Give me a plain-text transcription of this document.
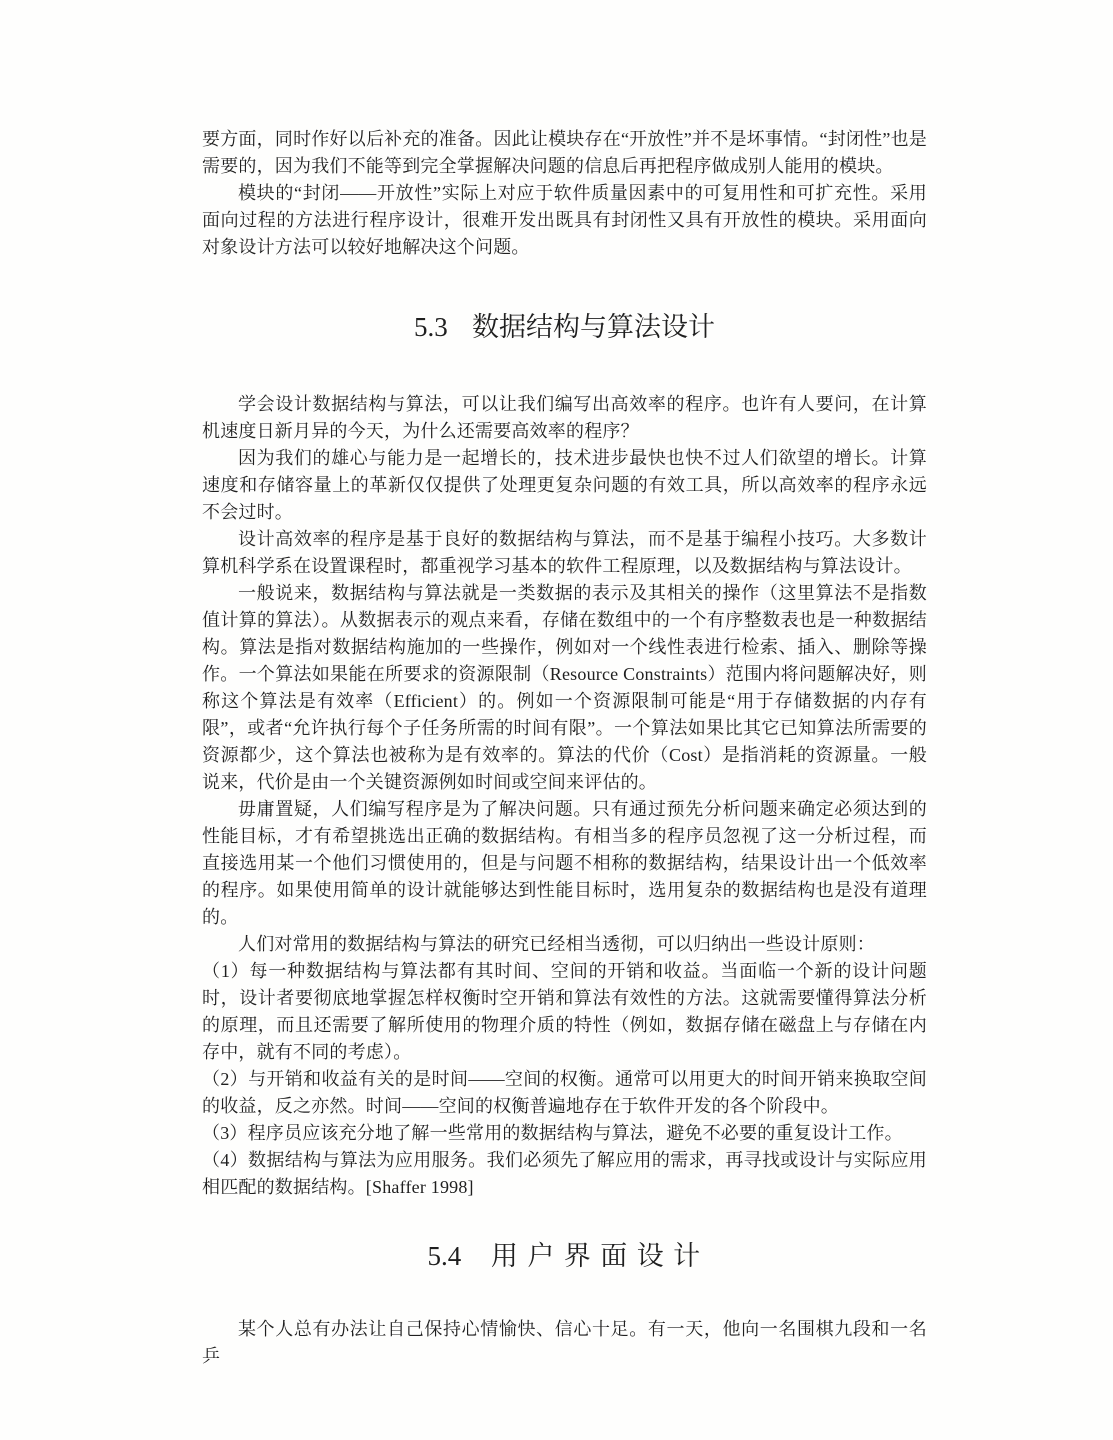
要方面，同时作好以后补充的准备。因此让模块存在“开放性”并不是坏事情。“封闭性”也是需要的，因为我们不能等到完全掌握解决问题的信息后再把程序做成别人能用的模块。

模块的“封闭——开放性”实际上对应于软件质量因素中的可复用性和可扩充性。采用面向过程的方法进行程序设计，很难开发出既具有封闭性又具有开放性的模块。采用面向对象设计方法可以较好地解决这个问题。

5.3 数据结构与算法设计

学会设计数据结构与算法，可以让我们编写出高效率的程序。也许有人要问，在计算机速度日新月异的今天，为什么还需要高效率的程序？

因为我们的雄心与能力是一起增长的，技术进步最快也快不过人们欲望的增长。计算速度和存储容量上的革新仅仅提供了处理更复杂问题的有效工具，所以高效率的程序永远不会过时。

设计高效率的程序是基于良好的数据结构与算法，而不是基于编程小技巧。大多数计算机科学系在设置课程时，都重视学习基本的软件工程原理，以及数据结构与算法设计。

一般说来，数据结构与算法就是一类数据的表示及其相关的操作（这里算法不是指数值计算的算法）。从数据表示的观点来看，存储在数组中的一个有序整数表也是一种数据结构。算法是指对数据结构施加的一些操作，例如对一个线性表进行检索、插入、删除等操作。一个算法如果能在所要求的资源限制（Resource Constraints）范围内将问题解决好，则称这个算法是有效率（Efficient）的。例如一个资源限制可能是“用于存储数据的内存有限”，或者“允许执行每个子任务所需的时间有限”。一个算法如果比其它已知算法所需要的资源都少，这个算法也被称为是有效率的。算法的代价（Cost）是指消耗的资源量。一般说来，代价是由一个关键资源例如时间或空间来评估的。

毋庸置疑，人们编写程序是为了解决问题。只有通过预先分析问题来确定必须达到的性能目标，才有希望挑选出正确的数据结构。有相当多的程序员忽视了这一分析过程，而直接选用某一个他们习惯使用的，但是与问题不相称的数据结构，结果设计出一个低效率的程序。如果使用简单的设计就能够达到性能目标时，选用复杂的数据结构也是没有道理的。

人们对常用的数据结构与算法的研究已经相当透彻，可以归纳出一些设计原则：

（1）每一种数据结构与算法都有其时间、空间的开销和收益。当面临一个新的设计问题时，设计者要彻底地掌握怎样权衡时空开销和算法有效性的方法。这就需要懂得算法分析的原理，而且还需要了解所使用的物理介质的特性（例如，数据存储在磁盘上与存储在内存中，就有不同的考虑）。

（2）与开销和收益有关的是时间——空间的权衡。通常可以用更大的时间开销来换取空间的收益，反之亦然。时间——空间的权衡普遍地存在于软件开发的各个阶段中。

（3）程序员应该充分地了解一些常用的数据结构与算法，避免不必要的重复设计工作。

（4）数据结构与算法为应用服务。我们必须先了解应用的需求，再寻找或设计与实际应用相匹配的数据结构。[Shaffer 1998]

5.4 用 户 界 面 设 计

某个人总有办法让自己保持心情愉快、信心十足。有一天，他向一名围棋九段和一名乒
